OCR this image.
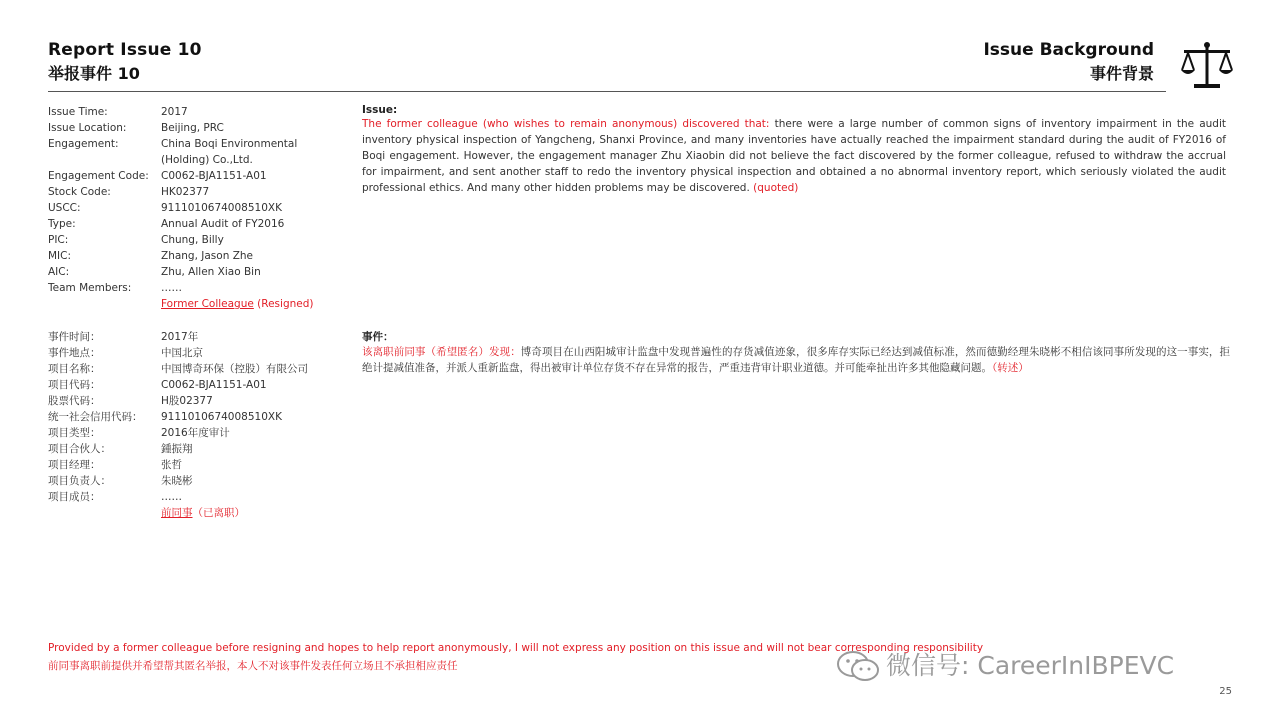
Report Issue 10
举报事件 10
Issue Background
事件背景
Issue Time:	2017
Issue Location:	Beijing, PRC
Engagement:	China Boqi Environmental (Holding) Co.,Ltd.
Engagement Code:	C0062-BJA1151-A01
Stock Code:	HK02377
USCC:	9111010674008510XK
Type:	Annual Audit of FY2016
PIC:	Chung, Billy
MIC:	Zhang, Jason Zhe
AIC:	Zhu, Allen Xiao Bin
Team Members:	……
Former Colleague (Resigned)
Issue:
The former colleague (who wishes to remain anonymous) discovered that: there were a large number of common signs of inventory impairment in the audit inventory physical inspection of Yangcheng, Shanxi Province, and many inventories have actually reached the impairment standard during the audit of FY2016 of Boqi engagement. However, the engagement manager Zhu Xiaobin did not believe the fact discovered by the former colleague, refused to withdraw the accrual for impairment, and sent another staff to redo the inventory physical inspection and obtained a no abnormal inventory report, which seriously violated the audit professional ethics. And many other hidden problems may be discovered. (quoted)
事件时间：	2017年
事件地点：	中国北京
项目名称：	中国博奇环保（控股）有限公司
项目代码：	C0062-BJA1151-A01
股票代码：	H股02377
统一社会信用代码：	9111010674008510XK
项目类型：	2016年度审计
项目合伙人：	鍾振翔
项目经理：	张哲
项目负责人：	朱晓彬
项目成员：	……
前同事（已离职）
事件：
该离职前同事（希望匿名）发现：博奇项目在山西阳城审计监盘中发现普遍性的存货减值迹象，很多库存实际已经达到减值标准，然而德勤经理朱晓彬不相信该同事所发现的这一事实，拒绝计提减值准备，并派人重新监盘，得出被审计单位存货不存在异常的报告，严重违背审计职业道德。并可能牵扯出许多其他隐藏问题。（转述）
Provided by a former colleague before resigning and hopes to help report anonymously, I will not express any position on this issue and will not bear corresponding responsibility
前同事离职前提供并希望帮其匿名举报，本人不对该事件发表任何立场且不承担相应责任	微信号: CareerInIBPEVC
25
